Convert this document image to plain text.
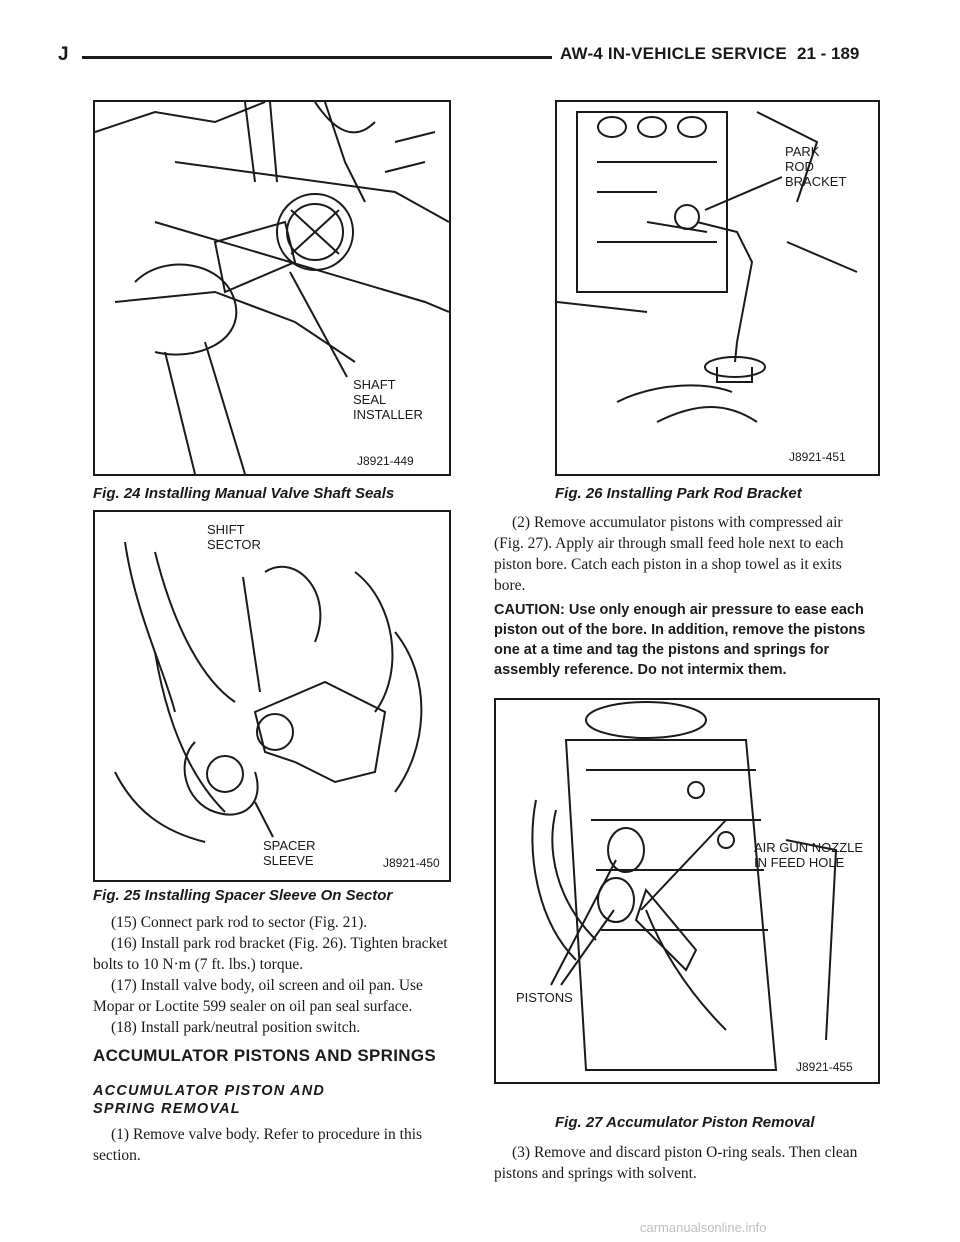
J	AW-4 IN-VEHICLE SERVICE 21 - 189
SHAFT
SEAL
INSTALLER
J8921-449
Fig. 24 Installing Manual Valve Shaft Seals
SHIFT
SECTOR
SPACER
SLEEVE	J8921-450
Fig. 25 Installing Spacer Sleeve On Sector

(15) Connect park rod to sector (Fig. 21).

(16) Install park rod bracket (Fig. 26). Tighten bracket bolts to 10 N·m (7 ft. lbs.) torque.

(17) Install valve body, oil screen and oil pan. Use Mopar or Loctite 599 sealer on oil pan seal surface.

(18) Install park/neutral position switch.

ACCUMULATOR PISTONS AND SPRINGS
ACCUMULATOR PISTON AND SPRING REMOVAL

(1) Remove valve body. Refer to procedure in this section.

PARK
ROD
BRACKET
J8921-451
Fig. 26 Installing Park Rod Bracket

(2) Remove accumulator pistons with compressed air (Fig. 27). Apply air through small feed hole next to each piston bore. Catch each piston in a shop towel as it exits bore.

CAUTION: Use only enough air pressure to ease each piston out of the bore. In addition, remove the pistons one at a time and tag the pistons and springs for assembly reference. Do not intermix them.
AIR GUN NOZZLE
IN FEED HOLE
PISTONS
J8921-455
Fig. 27 Accumulator Piston Removal

(3) Remove and discard piston O-ring seals. Then clean pistons and springs with solvent.

carmanualsonline.info
